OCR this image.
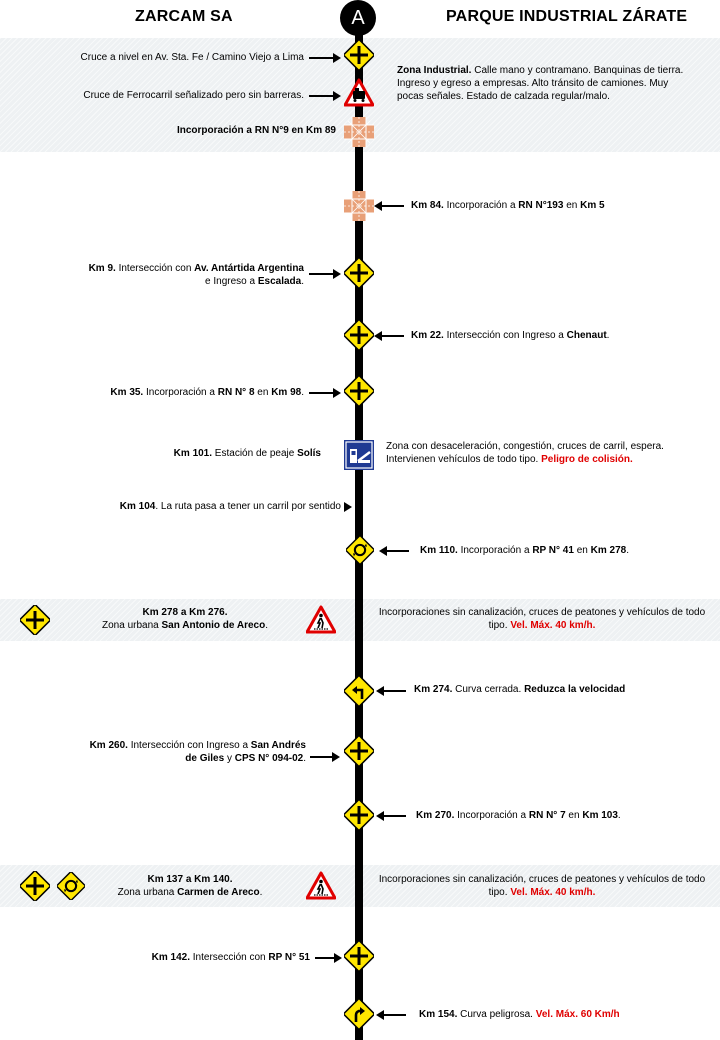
ZARCAM SA	PARQUE INDUSTRIAL ZÁRATE
A
Cruce a nivel en Av. Sta. Fe / Camino Viejo a Lima
Cruce de Ferrocarril señalizado pero sin barreras.
Incorporación a RN N°9 en Km 89
Zona Industrial. Calle mano y contramano. Banquinas de tierra. Ingreso y egreso a empresas. Alto tránsito de camiones. Muy pocas señales. Estado de calzada regular/malo.
Km 84. Incorporación a RN N°193 en Km 5
Km 9. Intersección con Av. Antártida Argentina
e Ingreso a Escalada.
Km 22. Intersección con Ingreso a Chenaut.
Km 35. Incorporación a RN N° 8 en Km 98.
Km 101. Estación de peaje Solís
Zona con desaceleración, congestión, cruces de carril, espera. Intervienen vehículos de todo tipo. Peligro de colisión.
Km 104. La ruta pasa a tener un carril por sentido
Km 110. Incorporación a RP N° 41 en Km 278.
Km 278 a Km 276.
Zona urbana San Antonio de Areco.
Incorporaciones sin canalización, cruces de peatones y vehículos de todo tipo. Vel. Máx. 40 km/h.
Km 274. Curva cerrada. Reduzca la velocidad
Km 260. Intersección con Ingreso a San Andrés
de Giles y CPS N° 094-02.
Km 270. Incorporación a RN N° 7 en Km 103.
Km 137 a Km 140.
Zona urbana Carmen de Areco.
Incorporaciones sin canalización, cruces de peatones y vehículos de todo tipo. Vel. Máx. 40 km/h.
Km 142. Intersección con RP N° 51
Km 154. Curva peligrosa. Vel. Máx. 60 Km/h
